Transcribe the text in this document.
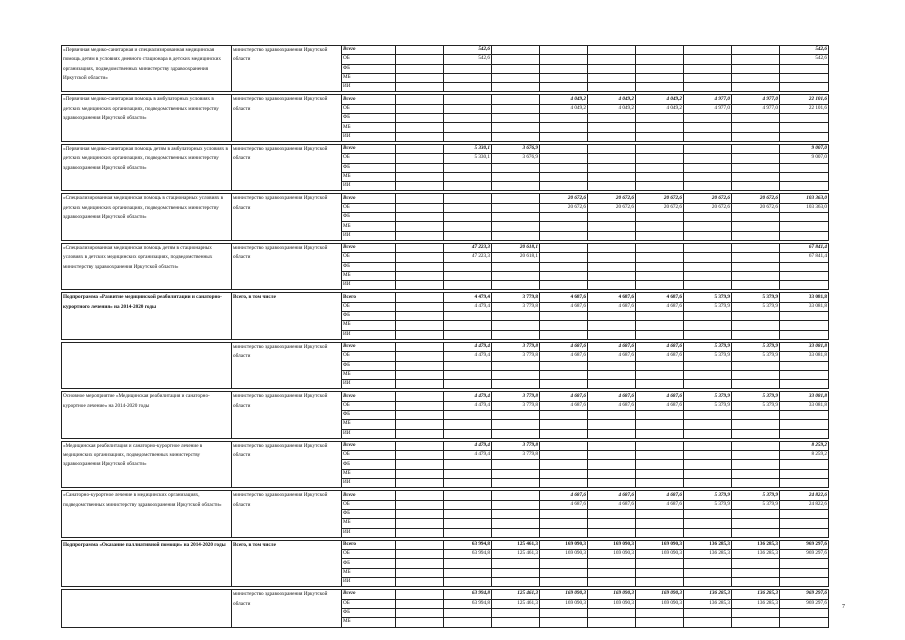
«Первичная медико-санитарная и специализированная медицинская помощь детям в условиях дневного стационара в детских медицинских организациях, подведомственных министерству здравоохранения Иркутской области»	министерство здравоохранения Иркутской области	Всего		542,6							542,6
		ОБ		542,6							542,6
		ФБ									
		МБ									
		ИИ									

«Первичная медико-санитарная помощь в амбулаторных условиях в детских медицинских организациях, подведомственных министерству здравоохранения Иркутской области»	министерство здравоохранения Иркутской области	Всего				4 049,2	4 049,2	4 049,2	4 977,0	4 977,0	22 101,6
		ОБ				4 049,2	4 049,2	4 049,2	4 977,0	4 977,0	22 101,6
		ФБ									
		МБ									
		ИИ									

«Первичная медико-санитарная помощь детям в амбулаторных условиях в детских медицинских организациях, подведомственных министерству здравоохранения Иркутской области»	министерство здравоохранения Иркутской области	Всего		5 330,1	3 676,9						9 007,0
		ОБ		5 330,1	3 676,9						9 007,0
		ФБ									
		МБ									
		ИИ									

«Специализированная медицинская помощь в стационарных условиях в детских медицинских организациях, подведомственных министерству здравоохранения Иркутской области»	министерство здравоохранения Иркутской области	Всего				20 672,6	20 672,6	20 672,6	20 672,6	20 672,6	103 363,0
		ОБ				20 672,6	20 672,6	20 672,6	20 672,6	20 672,6	103 363,0
		ФБ									
		МБ									
		ИИ									

«Специализированная медицинская помощь детям в стационарных условиях в детских медицинских организациях, подведомственных министерству здравоохранения Иркутской области»	министерство здравоохранения Иркутской области	Всего		47 223,3	20 618,1						67 841,4
		ОБ		47 223,3	20 618,1						67 841,4
		ФБ									
		МБ									
		ИИ									

Подпрограмма «Развитие медицинской реабилитации и санаторно-курортного лечения» на 2014-2020 годы	Всего, в том числе	Всего		4 479,4	3 779,8	4 687,6	4 687,6	4 687,6	5 379,9	5 379,9	33 081,8
		ОБ		4 479,4	3 779,8	4 687,6	4 687,6	4 687,6	5 379,9	5 379,9	33 081,8
		ФБ									
		МБ									
		ИИ									

	министерство здравоохранения Иркутской области	Всего		4 479,4	3 779,8	4 687,6	4 687,6	4 687,6	5 379,9	5 379,9	33 081,8
		ОБ		4 479,4	3 779,8	4 687,6	4 687,6	4 687,6	5 379,9	5 379,9	33 081,8
		ФБ									
		МБ									
		ИИ									

Основное мероприятие «Медицинская реабилитация и санаторно-курортное лечение» на 2014-2020 годы	министерство здравоохранения Иркутской области	Всего		4 479,4	3 779,8	4 687,6	4 687,6	4 687,6	5 379,9	5 379,9	33 081,8
		ОБ		4 479,4	3 779,8	4 687,6	4 687,6	4 687,6	5 379,9	5 379,9	33 081,8
		ФБ									
		МБ									
		ИИ									

«Медицинская реабилитация и санаторно-курортное лечение в медицинских организациях, подведомственных министерству здравоохранения Иркутской области»	министерство здравоохранения Иркутской области	Всего		4 479,4	3 779,8						8 259,2
		ОБ		4 479,4	3 779,8						8 259,2
		ФБ									
		МБ									
		ИИ									

«Санаторно-курортное лечение в медицинских организациях, подведомственных министерству здравоохранения Иркутской области»	министерство здравоохранения Иркутской области	Всего				4 687,6	4 687,6	4 687,6	5 379,9	5 379,9	24 822,6
		ОБ				4 687,6	4 687,6	4 687,6	5 379,9	5 379,9	24 822,6
		ФБ									
		МБ									
		ИИ									

Подпрограмма «Оказание паллиативной помощи» на 2014-2020 годы	Всего, в том числе	Всего		63 994,8	125 461,3	169 090,3	169 090,3	169 090,3	136 285,3	136 285,3	969 297,6
		ОБ		63 994,8	125 461,3	169 090,3	169 090,3	169 090,3	136 285,3	136 285,3	969 297,6
		ФБ									
		МБ									
		ИИ									

	министерство здравоохранения Иркутской области	Всего		63 994,8	125 461,3	169 090,3	169 090,3	169 090,3	136 285,3	136 285,3	969 297,6
		ОБ		63 994,8	125 461,3	169 090,3	169 090,3	169 090,3	136 285,3	136 285,3	969 297,6
		ФБ									
		МБ									
7
